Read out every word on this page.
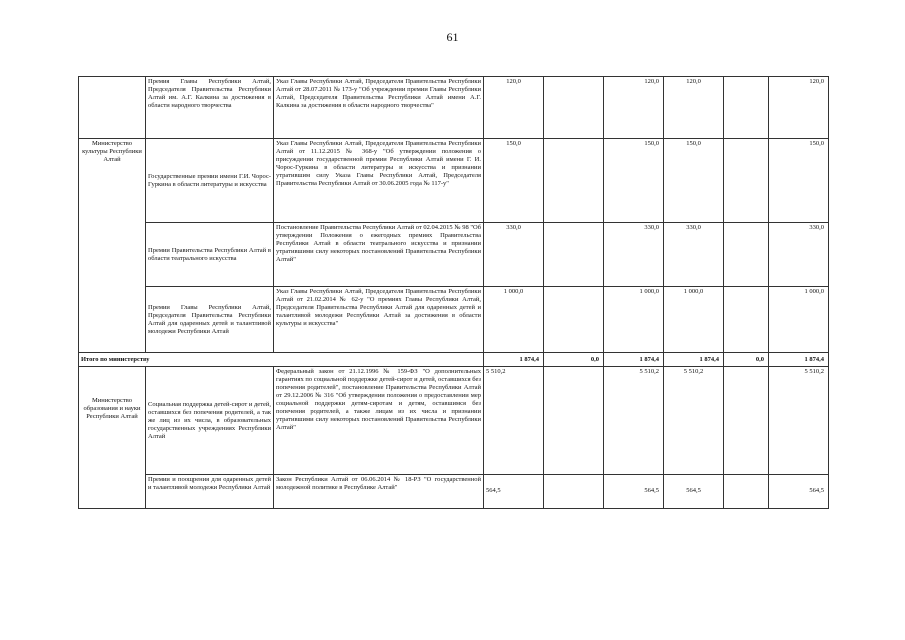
61
	Премия Главы Республики Алтай, Председателя Правительства Республики Алтай им. А.Г. Калкина за достижения в области народного творчества	Указ Главы Республики Алтай, Председателя Правительства Республики Алтай от 28.07.2011 № 173-у "Об учреждении премии Главы Республики Алтай, Председателя Правительства Республики Алтай имени А.Г. Калкина за достижения в области народного творчества"	120,0		120,0	120,0		120,0
Министерство культуры Республики Алтай	Государственные премии имени Г.И. Чорос-Гуркина в области литературы и искусства	Указ Главы Республики Алтай, Председателя Правительства Республики Алтай от 11.12.2015 № 368-у "Об утверждении положения о присуждении государственной премии Республики Алтай имени Г. И. Чорос-Гуркина в области литературы и искусства и признании утратившим силу Указа Главы Республики Алтай, Председателя Правительства Республики Алтай от 30.06.2005 года № 117-у"	150,0		150,0	150,0		150,0
	Премии Правительства Республики Алтай в области театрального искусства	Постановление Правительства Республики Алтай от 02.04.2015 № 98 "Об утверждении Положения о ежегодных премиях Правительства Республики Алтай в области театрального искусства и признании утратившими силу некоторых постановлений Правительства Республики Алтай"	330,0		330,0	330,0		330,0
	Премии Главы Республики Алтай, Председателя Правительства Республики Алтай для одаренных детей и талантливой молодежи Республики Алтай	Указ Главы Республики Алтай, Председателя Правительства Республики Алтай от 21.02.2014 № 62-у "О премиях Главы Республики Алтай, Председателя Правительства Республики Алтай для одаренных детей и талантливой молодежи Республики Алтай за достижения в области культуры и искусства"	1 000,0		1 000,0	1 000,0		1 000,0
Итого по министерству			1 874,4	0,0	1 874,4	1 874,4	0,0	1 874,4
Министерство образования и науки Республики Алтай	Социальная поддержка детей-сирот и детей, оставшихся без попечения родителей, а так же лиц из их числа, в образовательных государственных учреждениях Республики Алтай	Федеральный закон от 21.12.1996 № 159-ФЗ "О дополнительных гарантиях по социальной поддержке детей-сирот и детей, оставшихся без попечения родителей", постановление Правительства Республики Алтай от 29.12.2006 № 316 "Об утверждении положения о предоставлении мер социальной поддержки детям-сиротам и детям, оставшимся без попечения родителей, а также лицам из их числа и признании утратившими силу некоторых постановлений Правительства Республики Алтай"	5 510,2		5 510,2	5 510,2		5 510,2
	Премии и поощрения для одаренных детей и талантливой молодежи Республики Алтай	Закон Республики Алтай от 06.06.2014 № 18-РЗ "О государственной молодежной политике в Республике Алтай"	564,5		564,5	564,5		564,5
